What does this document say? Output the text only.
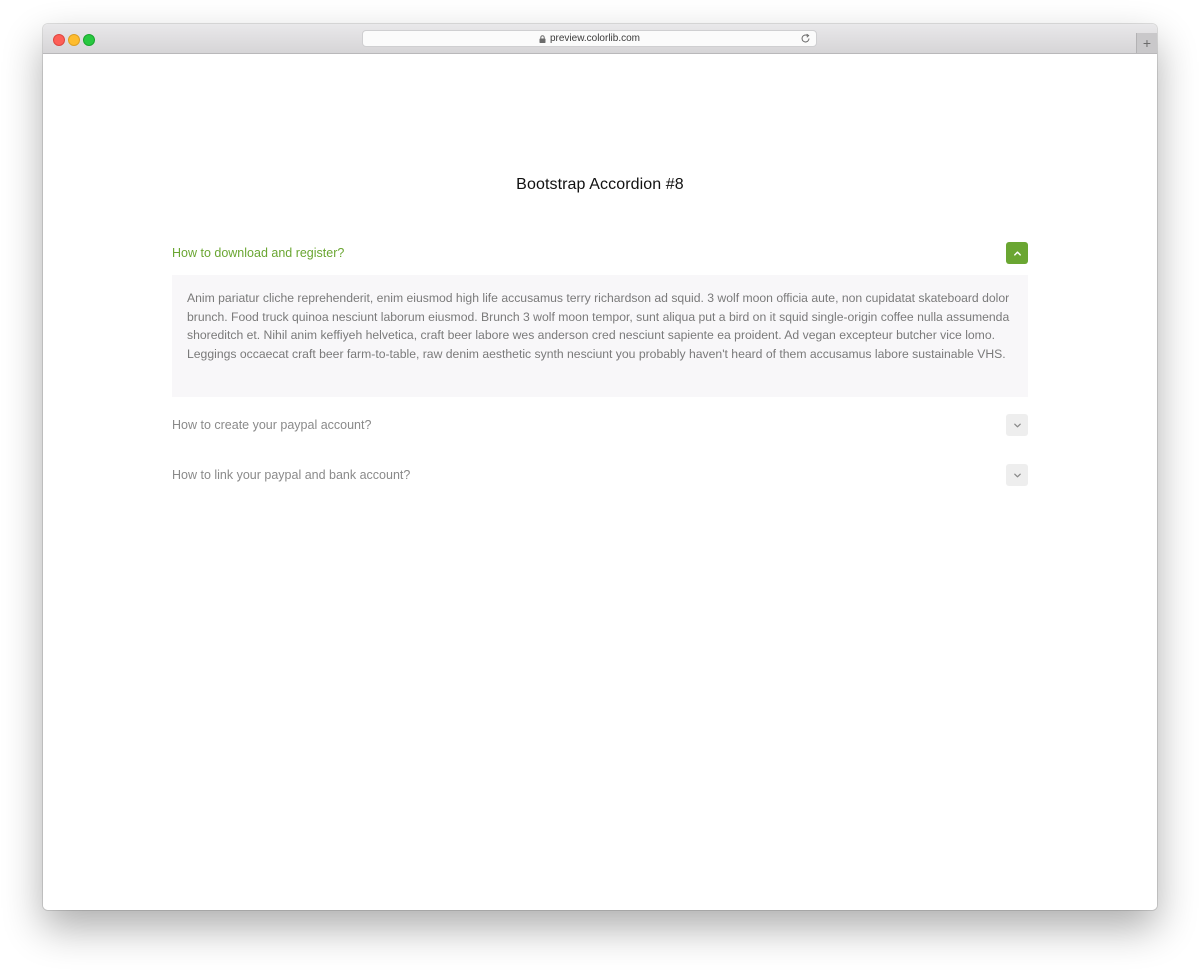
preview.colorlib.com	+
Bootstrap Accordion #8
How to download and register?

Anim pariatur cliche reprehenderit, enim eiusmod high life accusamus terry richardson ad squid. 3 wolf moon officia aute, non cupidatat skateboard dolor brunch. Food truck quinoa nesciunt laborum eiusmod. Brunch 3 wolf moon tempor, sunt aliqua put a bird on it squid single-origin coffee nulla assumenda shoreditch et. Nihil anim keffiyeh helvetica, craft beer labore wes anderson cred nesciunt sapiente ea proident. Ad vegan excepteur butcher vice lomo. Leggings occaecat craft beer farm-to-table, raw denim aesthetic synth nesciunt you probably haven't heard of them accusamus labore sustainable VHS.

How to create your paypal account?
How to link your paypal and bank account?
